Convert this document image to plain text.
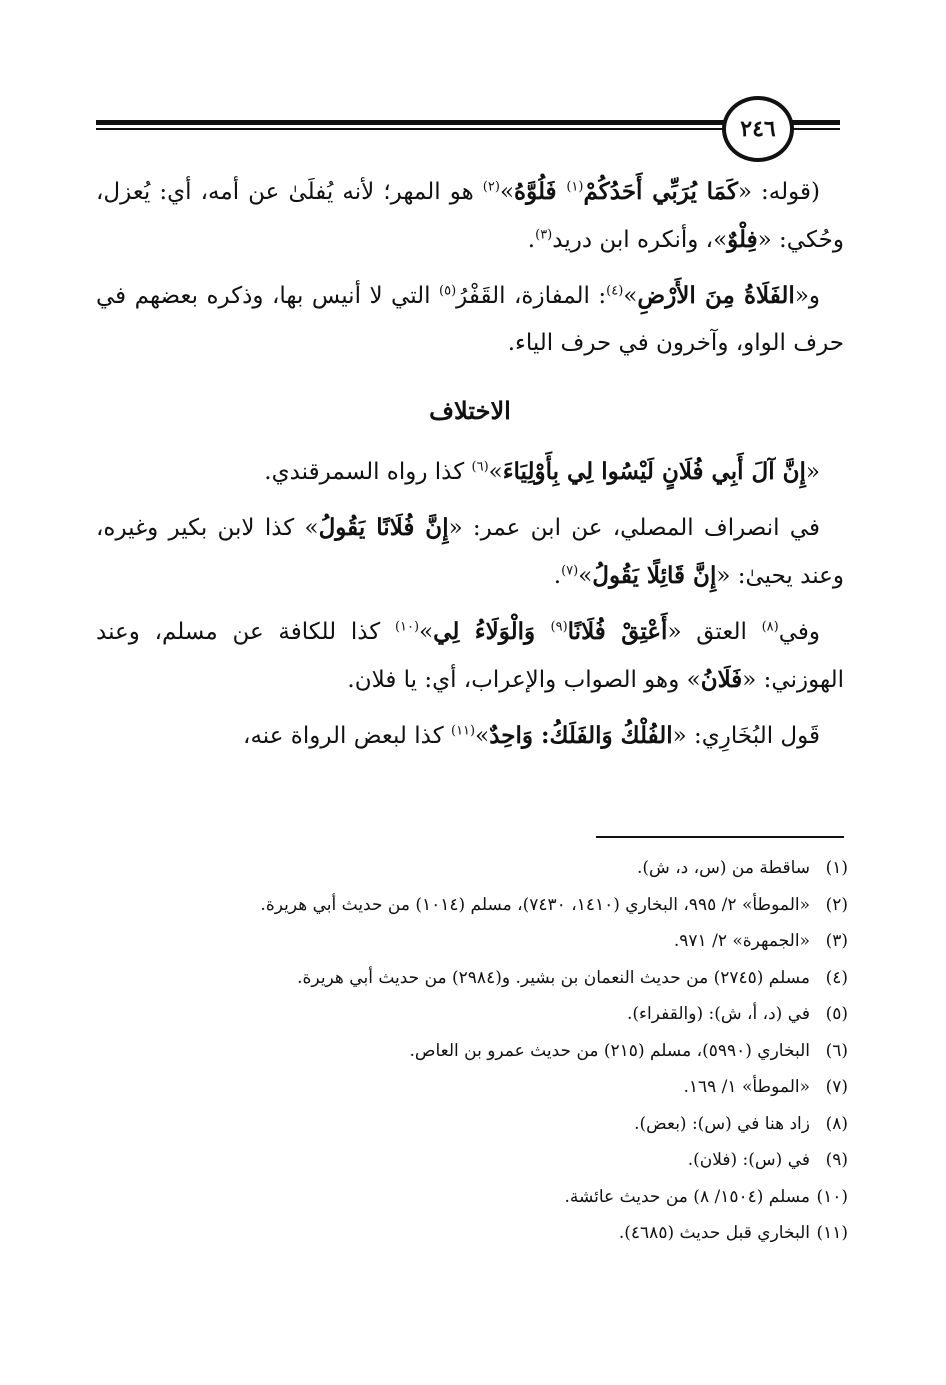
٢٤٦

(قوله: «كَمَا يُرَبِّي أَحَدُكُمْ$^{(١)}$ فَلُوَّهُ»$^{(٢)}$ هو المهر؛ لأنه يُفلَىٰ عن أمه، أي: يُعزل، وحُكي: «فِلْوٌ»، وأنكره ابن دريد$^{(٣)}$.

و«الفَلَاةُ مِنَ الأَرْضِ»$^{(٤)}$: المفازة، القَفْرُ$^{(٥)}$ التي لا أنيس بها، وذكره بعضهم في حرف الواو، وآخرون في حرف الياء.

الاختلاف

«إِنَّ آلَ أَبِي فُلَانٍ لَيْسُوا لِي بِأَوْلِيَاءَ»$^{(٦)}$ كذا رواه السمرقندي.

في انصراف المصلي، عن ابن عمر: «إِنَّ فُلَانًا يَقُولُ» كذا لابن بكير وغيره، وعند يحيىٰ: «إِنَّ قَائِلًا يَقُولُ»$^{(٧)}$.

وفي$^{(٨)}$ العتق «أَعْتِقْ فُلَانًا$^{(٩)}$ وَالْوَلَاءُ لِي»$^{(١٠)}$ كذا للكافة عن مسلم، وعند الهوزني: «فَلَانُ» وهو الصواب والإعراب، أي: يا فلان.

قَول البُخَارِي: «الفُلْكُ وَالفَلَكُ: وَاحِدٌ»$^{(١١)}$ كذا لبعض الرواة عنه،

(١)
ساقطة من (س، د، ش).
(٢)
«الموطأ» ٢/ ٩٩٥، البخاري (١٤١٠، ٧٤٣٠)، مسلم (١٠١٤) من حديث أبي هريرة.
(٣)
«الجمهرة» ٢/ ٩٧١.
(٤)
مسلم (٢٧٤٥) من حديث النعمان بن بشير. و(٢٩٨٤) من حديث أبي هريرة.
(٥)
في (د، أ، ش): (والقفراء).
(٦)
البخاري (٥٩٩٠)، مسلم (٢١٥) من حديث عمرو بن العاص.
(٧)
«الموطأ» ١/ ١٦٩.
(٨)
زاد هنا في (س): (بعض).
(٩)
في (س): (فلان).
(١٠)
مسلم (١٥٠٤/ ٨) من حديث عائشة.
(١١)
البخاري قبل حديث (٤٦٨٥).
